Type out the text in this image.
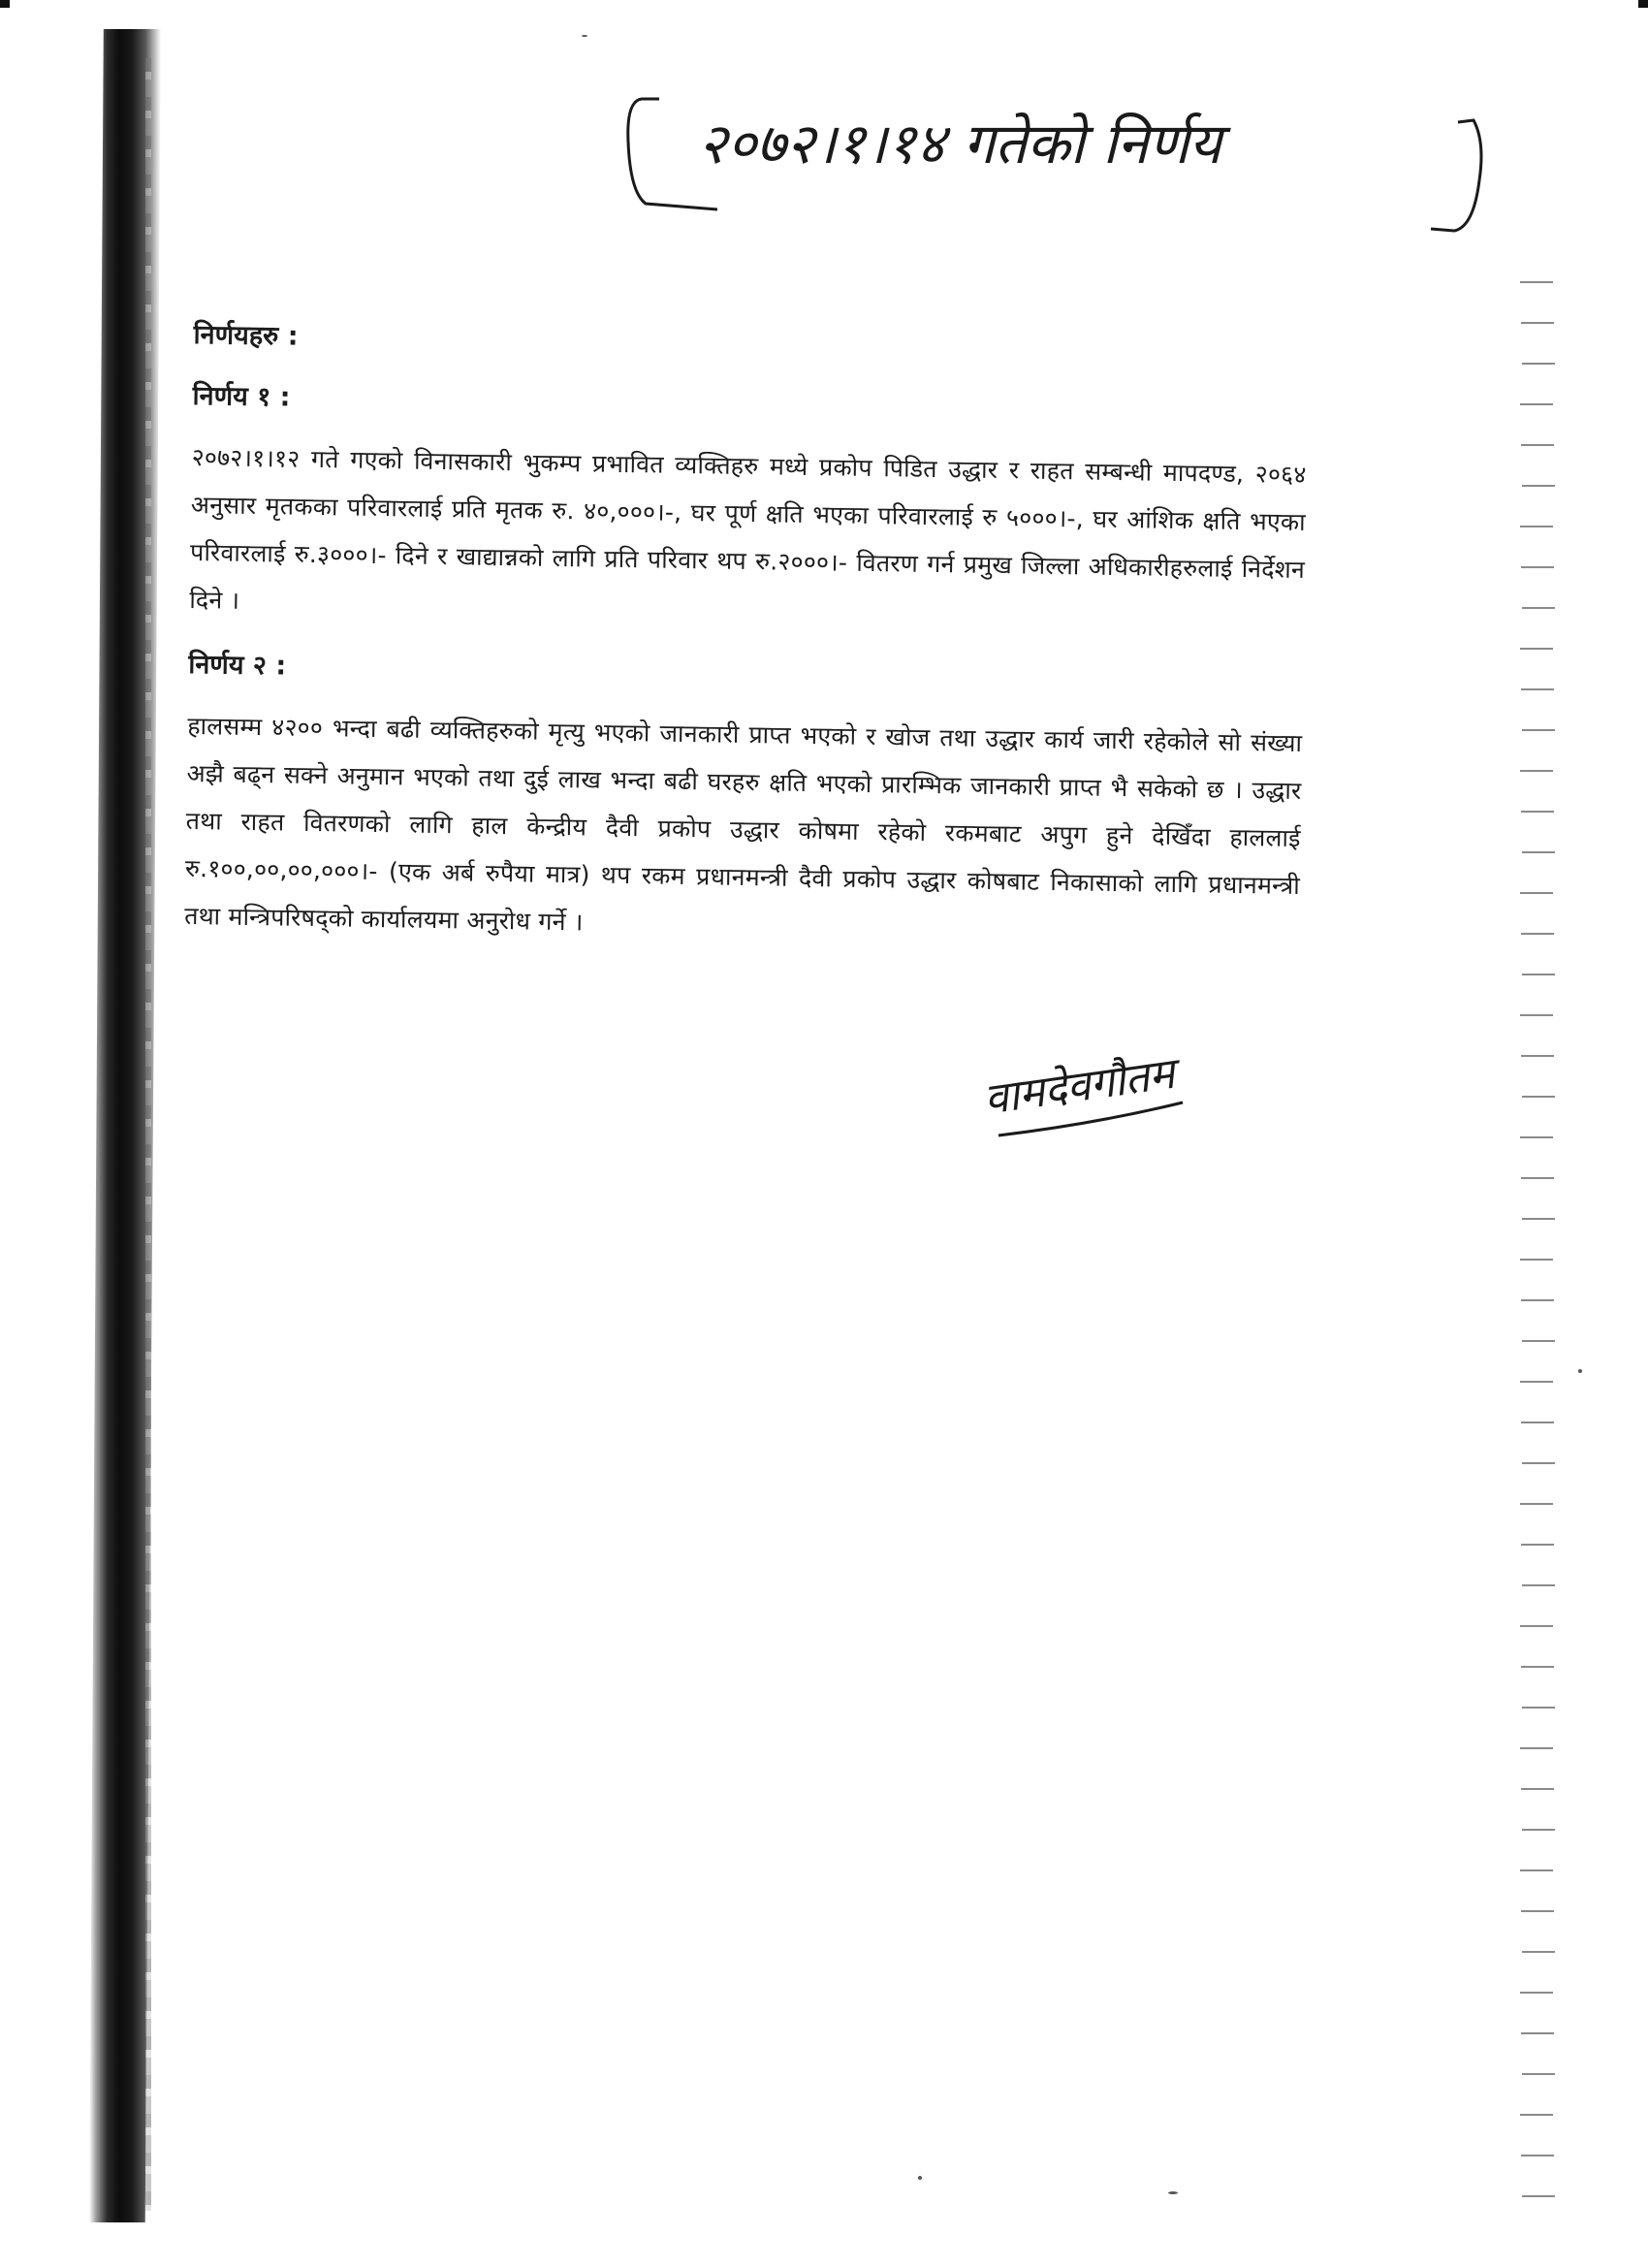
२०७२।१।१४ गतेको निर्णय

निर्णयहरु :

निर्णय १ :

२०७२।१।१२ गते गएको विनासकारी भुकम्प प्रभावित व्यक्तिहरु मध्ये प्रकोप पिडित उद्धार र राहत सम्बन्धी मापदण्ड, २०६४ अनुसार मृतकका परिवारलाई प्रति मृतक रु. ४०,०००।-, घर पूर्ण क्षति भएका परिवारलाई रु ५०००।-, घर आंशिक क्षति भएका परिवारलाई रु.३०००।- दिने र खाद्यान्नको लागि प्रति परिवार थप रु.२०००।- वितरण गर्न प्रमुख जिल्ला अधिकारीहरुलाई निर्देशन दिने ।

निर्णय २ :

हालसम्म ४२०० भन्दा बढी व्यक्तिहरुको मृत्यु भएको जानकारी प्राप्त भएको र खोज तथा उद्धार कार्य जारी रहेकोले सो संख्या अझै बढ्न सक्ने अनुमान भएको तथा दुई लाख भन्दा बढी घरहरु क्षति भएको प्रारम्भिक जानकारी प्राप्त भै सकेको छ । उद्धार तथा राहत वितरणको लागि हाल केन्द्रीय दैवी प्रकोप उद्धार कोषमा रहेको रकमबाट अपुग हुने देखिँदा हाललाई रु.१००,००,००,०००।- (एक अर्ब रुपैया मात्र) थप रकम प्रधानमन्त्री दैवी प्रकोप उद्धार कोषबाट निकासाको लागि प्रधानमन्त्री तथा मन्त्रिपरिषद्को कार्यालयमा अनुरोध गर्ने ।

वामदेवगौतम
